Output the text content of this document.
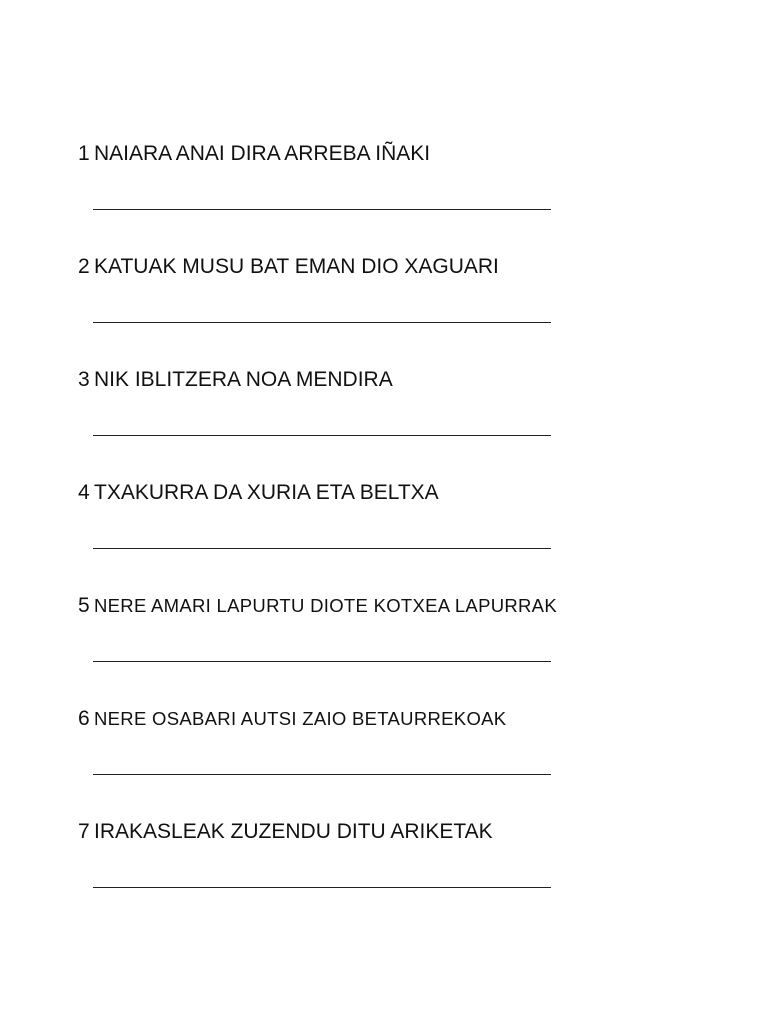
1 NAIARA ANAI DIRA ARREBA IÑAKI
2 KATUAK MUSU BAT EMAN DIO XAGUARI
3 NIK IBLITZERA NOA MENDIRA
4 TXAKURRA DA XURIA ETA BELTXA
5 NERE AMARI LAPURTU DIOTE KOTXEA LAPURRAK
6 NERE OSABARI AUTSI ZAIO BETAURREKOAK
7 IRAKASLEAK ZUZENDU DITU ARIKETAK
